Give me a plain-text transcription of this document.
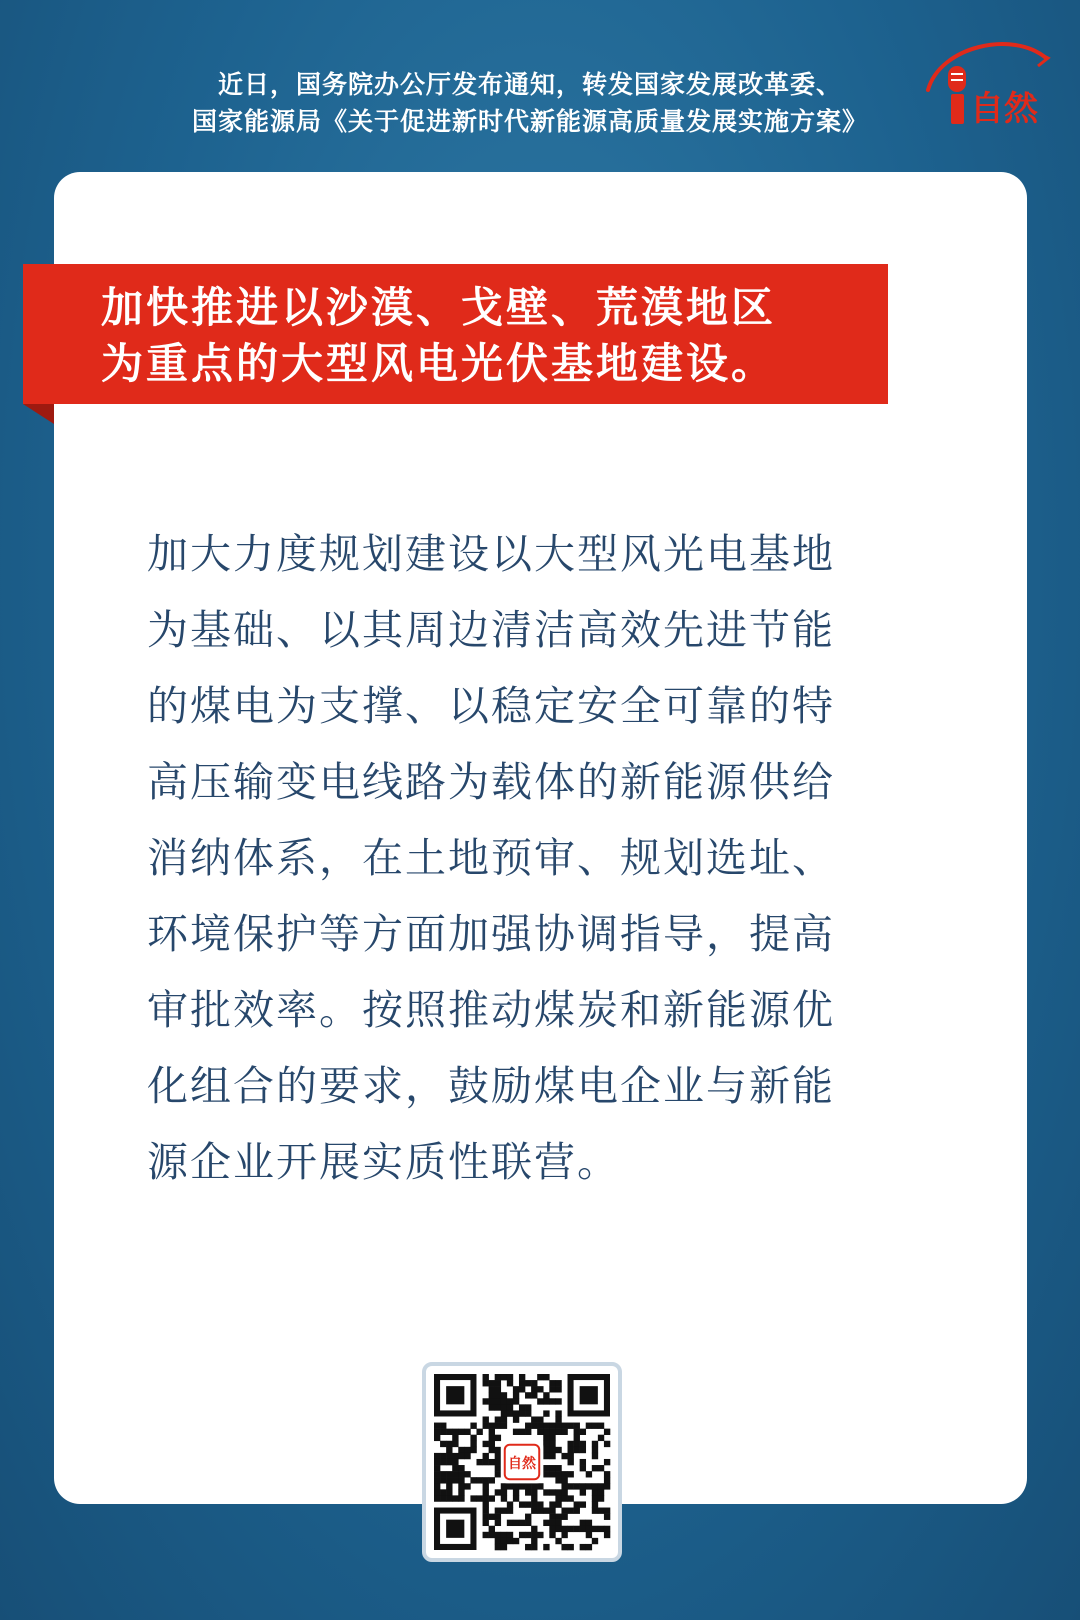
近日，国务院办公厅发布通知，转发国家发展改革委、
国家能源局《关于促进新时代新能源高质量发展实施方案》	自然
加快推进以沙漠、戈壁、荒漠地区
为重点的大型风电光伏基地建设。
加大力度规划建设以大型风光电基地
为基础、以其周边清洁高效先进节能
的煤电为支撑、以稳定安全可靠的特
高压输变电线路为载体的新能源供给
消纳体系，在土地预审、规划选址、
环境保护等方面加强协调指导，提高
审批效率。按照推动煤炭和新能源优
化组合的要求，鼓励煤电企业与新能
源企业开展实质性联营。
自然
